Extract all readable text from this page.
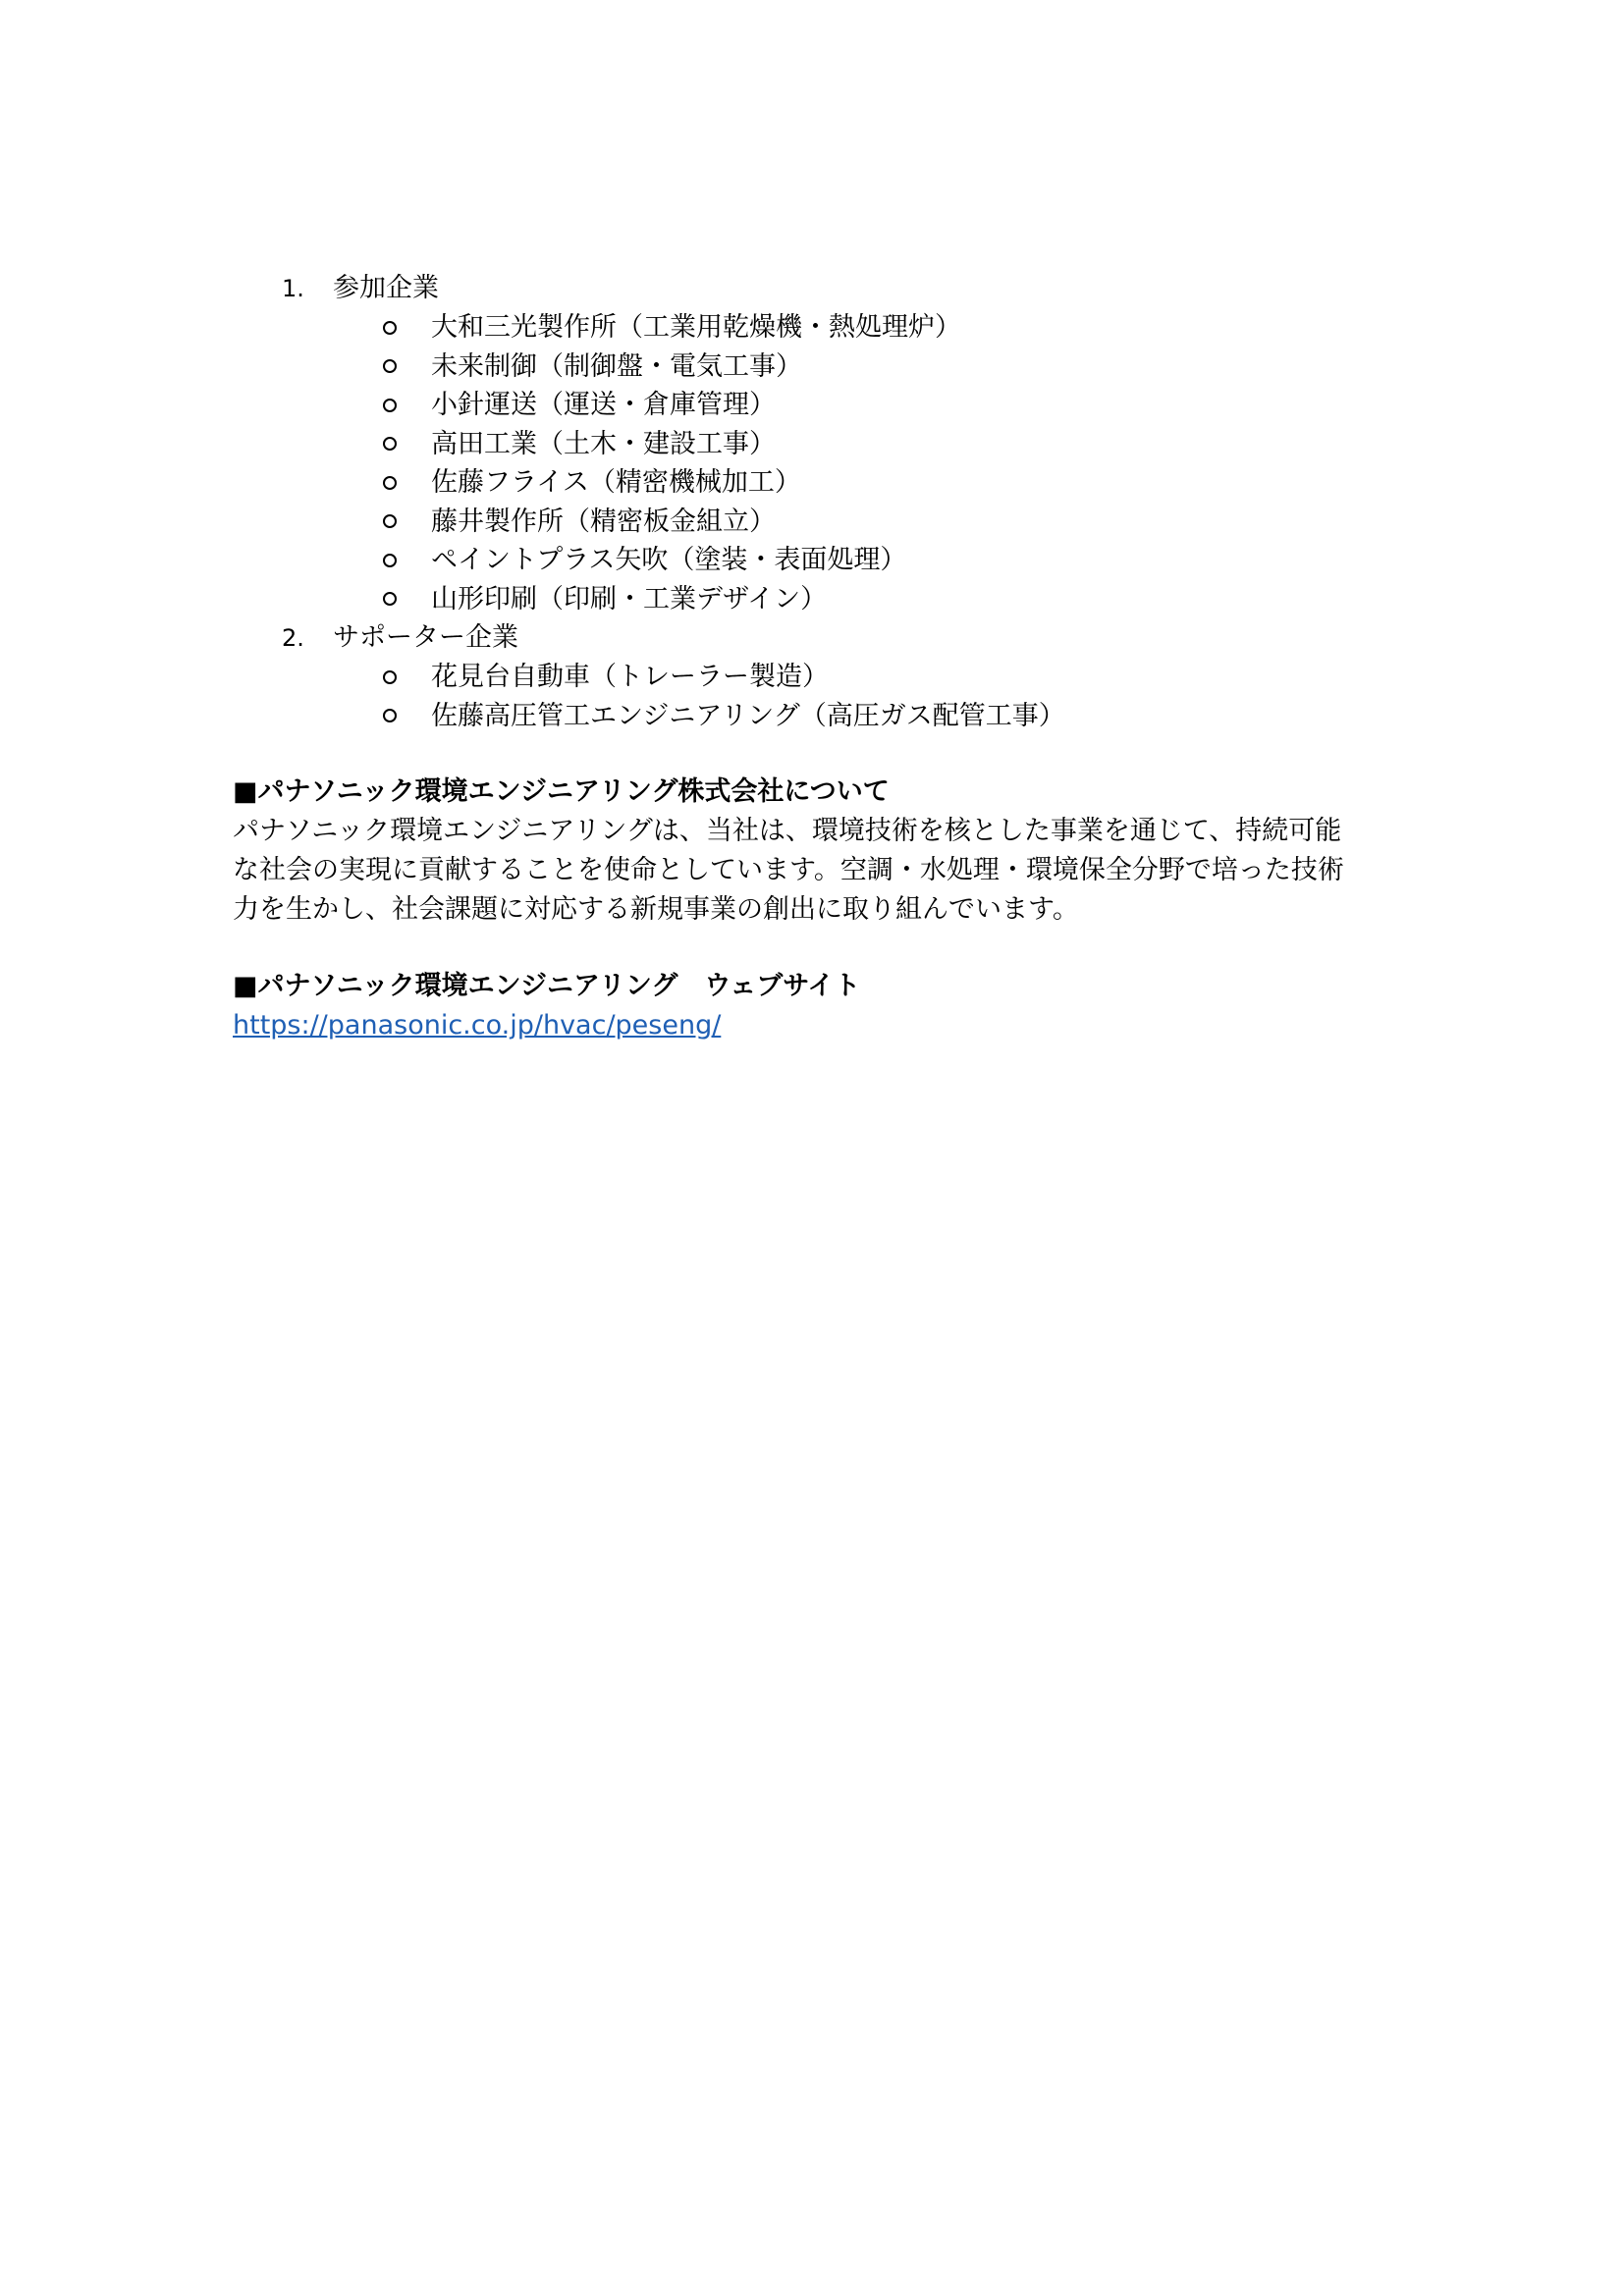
1.	参加企業
大和三光製作所（工業用乾燥機・熱処理炉）
未来制御（制御盤・電気工事）
小針運送（運送・倉庫管理）
高田工業（土木・建設工事）
佐藤フライス（精密機械加工）
藤井製作所（精密板金組立）
ペイントプラス矢吹（塗装・表面処理）
山形印刷（印刷・工業デザイン）
2.	サポーター企業
花見台自動車（トレーラー製造）
佐藤高圧管工エンジニアリング（高圧ガス配管工事）
■パナソニック環境エンジニアリング株式会社について
パナソニック環境エンジニアリングは、当社は、環境技術を核とした事業を通じて、持続可能
な社会の実現に貢献することを使命としています。空調・水処理・環境保全分野で培った技術
力を生かし、社会課題に対応する新規事業の創出に取り組んでいます。
■パナソニック環境エンジニアリング　ウェブサイト
https://panasonic.co.jp/hvac/peseng/
